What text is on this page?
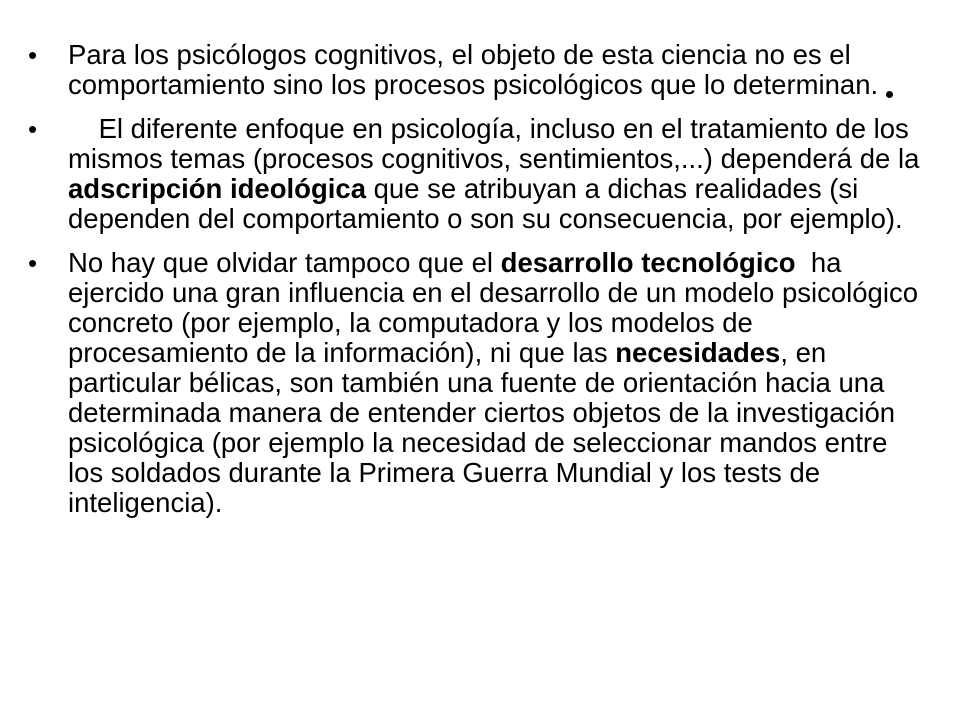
• Para los psicólogos cognitivos, el objeto de esta ciencia no es el comportamiento sino los procesos psicológicos que lo determinan.
• El diferente enfoque en psicología, incluso en el tratamiento de los mismos temas (procesos cognitivos, sentimientos,...) dependerá de la adscripción ideológica que se atribuyan a dichas realidades (si dependen del comportamiento o son su consecuencia, por ejemplo).
• No hay que olvidar tampoco que el desarrollo tecnológico  ha ejercido una gran influencia en el desarrollo de un modelo psicológico concreto (por ejemplo, la computadora y los modelos de procesamiento de la información), ni que las necesidades, en particular bélicas, son también una fuente de orientación hacia una determinada manera de entender ciertos objetos de la investigación psicológica (por ejemplo la necesidad de seleccionar mandos entre los soldados durante la Primera Guerra Mundial y los tests de inteligencia).
